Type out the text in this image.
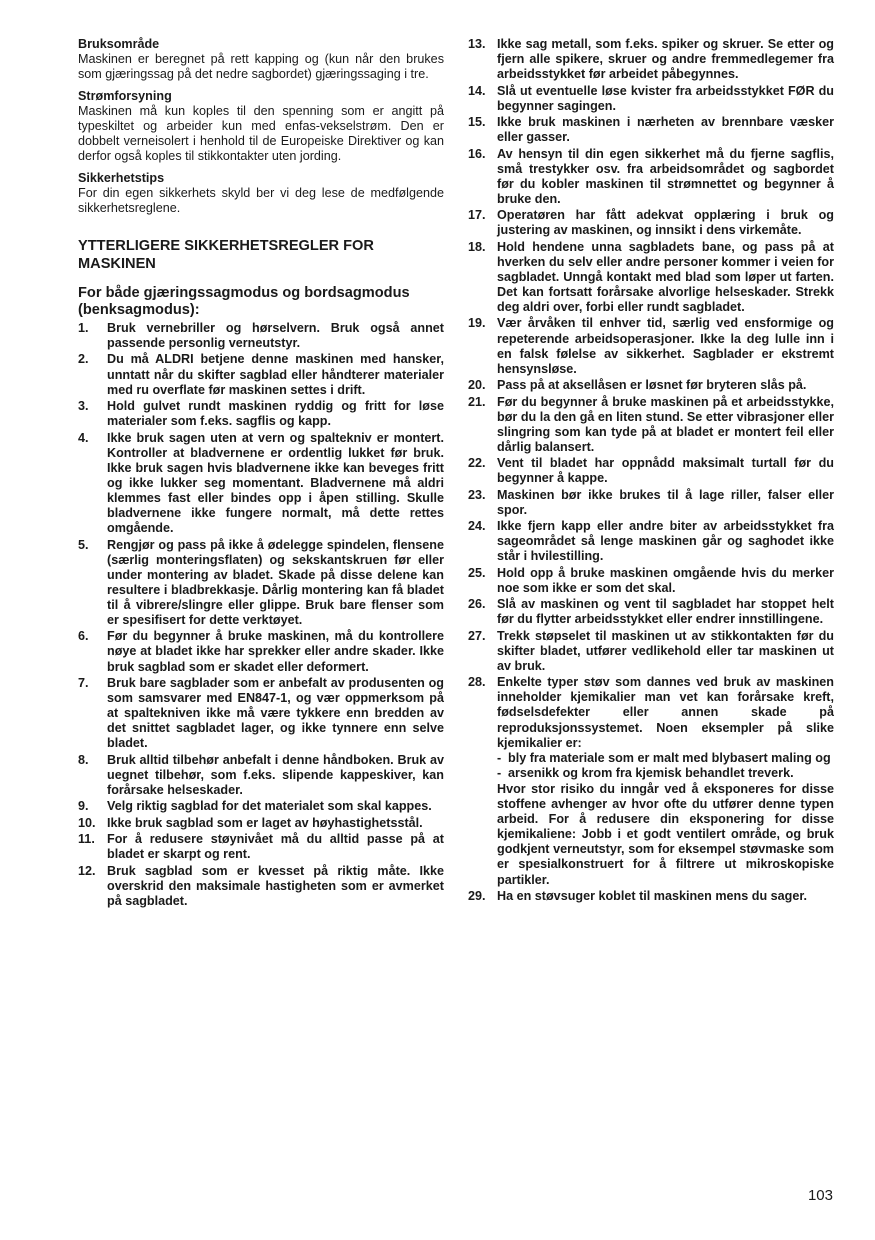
Bruksområde

Maskinen er beregnet på rett kapping og (kun når den brukes som gjæringssag på det nedre sagbordet) gjæringssaging i tre.

Strømforsyning

Maskinen må kun koples til den spenning som er angitt på typeskiltet og arbeider kun med enfas-vekselstrøm. Den er dobbelt verneisolert i henhold til de Europeiske Direktiver og kan derfor også koples til stikkontakter uten jording.

Sikkerhetstips

For din egen sikkerhets skyld ber vi deg lese de medfølgende sikkerhetsreglene.

YTTERLIGERE SIKKERHETSREGLER FOR MASKINEN
For både gjæringssagmodus og bordsagmodus (benksagmodus):
1.	Bruk vernebriller og hørselvern. Bruk også annet passende personlig verneutstyr.
2.	Du må ALDRI betjene denne maskinen med hansker, unntatt når du skifter sagblad eller håndterer materialer med ru overflate før maskinen settes i drift.
3.	Hold gulvet rundt maskinen ryddig og fritt for løse materialer som f.eks. sagflis og kapp.
4.	Ikke bruk sagen uten at vern og spaltekniv er montert. Kontroller at bladvernene er ordentlig lukket før bruk. Ikke bruk sagen hvis bladvernene ikke kan beveges fritt og ikke lukker seg momentant. Bladvernene må aldri klemmes fast eller bindes opp i åpen stilling. Skulle bladvernene ikke fungere normalt, må dette rettes omgående.
5.	Rengjør og pass på ikke å ødelegge spindelen, flensene (særlig monteringsflaten) og sekskantskruen før eller under montering av bladet. Skade på disse delene kan resultere i bladbrekkasje. Dårlig montering kan få bladet til å vibrere/slingre eller glippe. Bruk bare flenser som er spesifisert for dette verktøyet.
6.	Før du begynner å bruke maskinen, må du kontrollere nøye at bladet ikke har sprekker eller andre skader. Ikke bruk sagblad som er skadet eller deformert.
7.	Bruk bare sagblader som er anbefalt av produsenten og som samsvarer med EN847-1, og vær oppmerksom på at spaltekniven ikke må være tykkere enn bredden av det snittet sagbladet lager, og ikke tynnere enn selve bladet.
8.	Bruk alltid tilbehør anbefalt i denne håndboken. Bruk av uegnet tilbehør, som f.eks. slipende kappeskiver, kan forårsake helseskader.
9.	Velg riktig sagblad for det materialet som skal kappes.
10. Ikke bruk sagblad som er laget av høyhastighetsstål.
11. For å redusere støynivået må du alltid passe på at bladet er skarpt og rent.
12. Bruk sagblad som er kvesset på riktig måte. Ikke overskrid den maksimale hastigheten som er avmerket på sagbladet.
13. Ikke sag metall, som f.eks. spiker og skruer. Se etter og fjern alle spikere, skruer og andre fremmedlegemer fra arbeidsstykket før arbeidet påbegynnes.
14. Slå ut eventuelle løse kvister fra arbeidsstykket FØR du begynner sagingen.
15. Ikke bruk maskinen i nærheten av brennbare væsker eller gasser.
16. Av hensyn til din egen sikkerhet må du fjerne sagflis, små trestykker osv. fra arbeidsområdet og sagbordet før du kobler maskinen til strømnettet og begynner å bruke den.
17. Operatøren har fått adekvat opplæring i bruk og justering av maskinen, og innsikt i dens virkemåte.
18. Hold hendene unna sagbladets bane, og pass på at hverken du selv eller andre personer kommer i veien for sagbladet. Unngå kontakt med blad som løper ut farten. Det kan fortsatt forårsake alvorlige helseskader. Strekk deg aldri over, forbi eller rundt sagbladet.
19. Vær årvåken til enhver tid, særlig ved ensformige og repeterende arbeidsoperasjoner. Ikke la deg lulle inn i en falsk følelse av sikkerhet. Sagblader er ekstremt hensynsløse.
20. Pass på at aksellåsen er løsnet før bryteren slås på.
21. Før du begynner å bruke maskinen på et arbeidsstykke, bør du la den gå en liten stund. Se etter vibrasjoner eller slingring som kan tyde på at bladet er montert feil eller dårlig balansert.
22. Vent til bladet har oppnådd maksimalt turtall før du begynner å kappe.
23. Maskinen bør ikke brukes til å lage riller, falser eller spor.
24. Ikke fjern kapp eller andre biter av arbeidsstykket fra sageområdet så lenge maskinen går og saghodet ikke står i hvilestilling.
25. Hold opp å bruke maskinen omgående hvis du merker noe som ikke er som det skal.
26. Slå av maskinen og vent til sagbladet har stoppet helt før du flytter arbeidsstykket eller endrer innstillingene.
27. Trekk støpselet til maskinen ut av stikkontakten før du skifter bladet, utfører vedlikehold eller tar maskinen ut av bruk.
28. Enkelte typer støv som dannes ved bruk av maskinen inneholder kjemikalier man vet kan forårsake kreft, fødselsdefekter eller annen skade på reproduksjonssystemet. Noen eksempler på slike kjemikalier er:
- bly fra materiale som er malt med blybasert maling og
- arsenikk og krom fra kjemisk behandlet treverk.
Hvor stor risiko du inngår ved å eksponeres for disse stoffene avhenger av hvor ofte du utfører denne typen arbeid. For å redusere din eksponering for disse kjemikaliene: Jobb i et godt ventilert område, og bruk godkjent verneutstyr, som for eksempel støvmaske som er spesialkonstruert for å filtrere ut mikroskopiske partikler.
29. Ha en støvsuger koblet til maskinen mens du sager.
103
